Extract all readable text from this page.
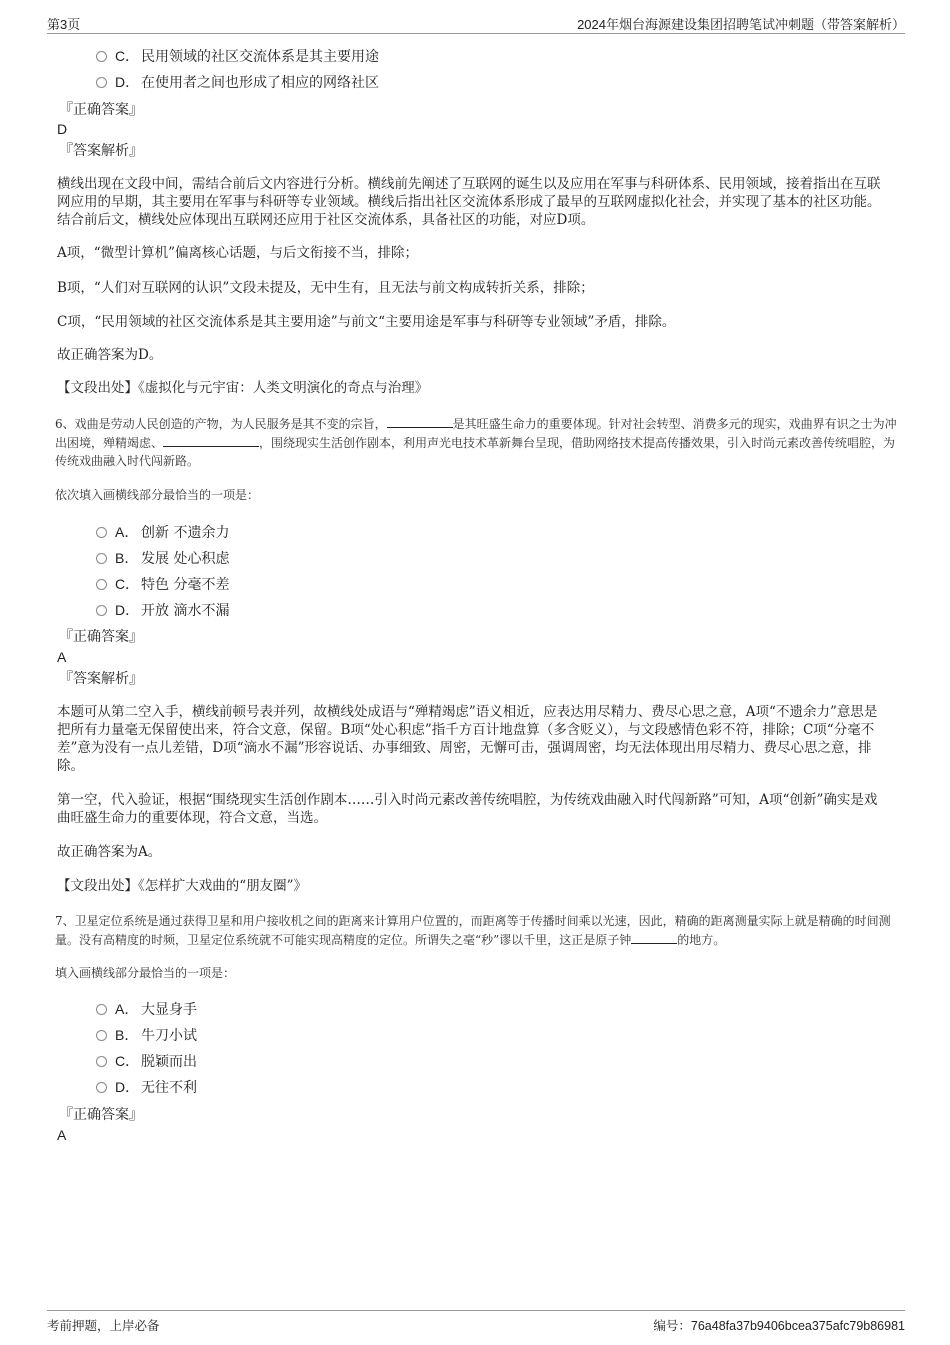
第3页	2024年烟台海源建设集团招聘笔试冲刺题（带答案解析）
C． 民用领域的社区交流体系是其主要用途
D． 在使用者之间也形成了相应的网络社区
『正确答案』
D
『答案解析』
横线出现在文段中间，需结合前后文内容进行分析。横线前先阐述了互联网的诞生以及应用在军事与科研体系、民用领域，接着指出在互联网应用的早期，其主要用在军事与科研等专业领域。横线后指出社区交流体系形成了最早的互联网虚拟化社会，并实现了基本的社区功能。结合前后文，横线处应体现出互联网还应用于社区交流体系，具备社区的功能，对应D项。
A项，“微型计算机”偏离核心话题，与后文衔接不当，排除；
B项，“人们对互联网的认识”文段未提及，无中生有，且无法与前文构成转折关系，排除；
C项，“民用领域的社区交流体系是其主要用途”与前文“主要用途是军事与科研等专业领域”矛盾，排除。
故正确答案为D。
【文段出处】《虚拟化与元宇宙：人类文明演化的奇点与治理》
6、戏曲是劳动人民创造的产物，为人民服务是其不变的宗旨，	是其旺盛生命力的重要体现。针对社会转型、消费多元的现实，戏曲界有识之士为冲出困境，殚精竭虑、	，围绕现实生活创作剧本，利用声光电技术革新舞台呈现，借助网络技术提高传播效果，引入时尚元素改善传统唱腔，为传统戏曲融入时代闯新路。
依次填入画横线部分最恰当的一项是：
A． 创新 不遗余力
B． 发展 处心积虑
C． 特色 分毫不差
D． 开放 滴水不漏
『正确答案』
A
『答案解析』
本题可从第二空入手，横线前顿号表并列，故横线处成语与“殚精竭虑”语义相近，应表达用尽精力、费尽心思之意，A项“不遗余力”意思是把所有力量毫无保留使出来，符合文意，保留。B项“处心积虑”指千方百计地盘算（多含贬义），与文段感情色彩不符，排除；C项“分毫不差”意为没有一点儿差错，D项“滴水不漏”形容说话、办事细致、周密，无懈可击，强调周密，均无法体现出用尽精力、费尽心思之意，排除。
第一空，代入验证，根据“围绕现实生活创作剧本……引入时尚元素改善传统唱腔，为传统戏曲融入时代闯新路”可知，A项“创新”确实是戏曲旺盛生命力的重要体现，符合文意，当选。
故正确答案为A。
【文段出处】《怎样扩大戏曲的“朋友圈”》
7、卫星定位系统是通过获得卫星和用户接收机之间的距离来计算用户位置的，而距离等于传播时间乘以光速，因此，精确的距离测量实际上就是精确的时间测量。没有高精度的时频，卫星定位系统就不可能实现高精度的定位。所谓失之毫“秒”谬以千里，这正是原子钟	的地方。
填入画横线部分最恰当的一项是：
A． 大显身手
B． 牛刀小试
C． 脱颖而出
D． 无往不利
『正确答案』
A
考前押题，上岸必备	编号：76a48fa37b9406bcea375afc79b86981
